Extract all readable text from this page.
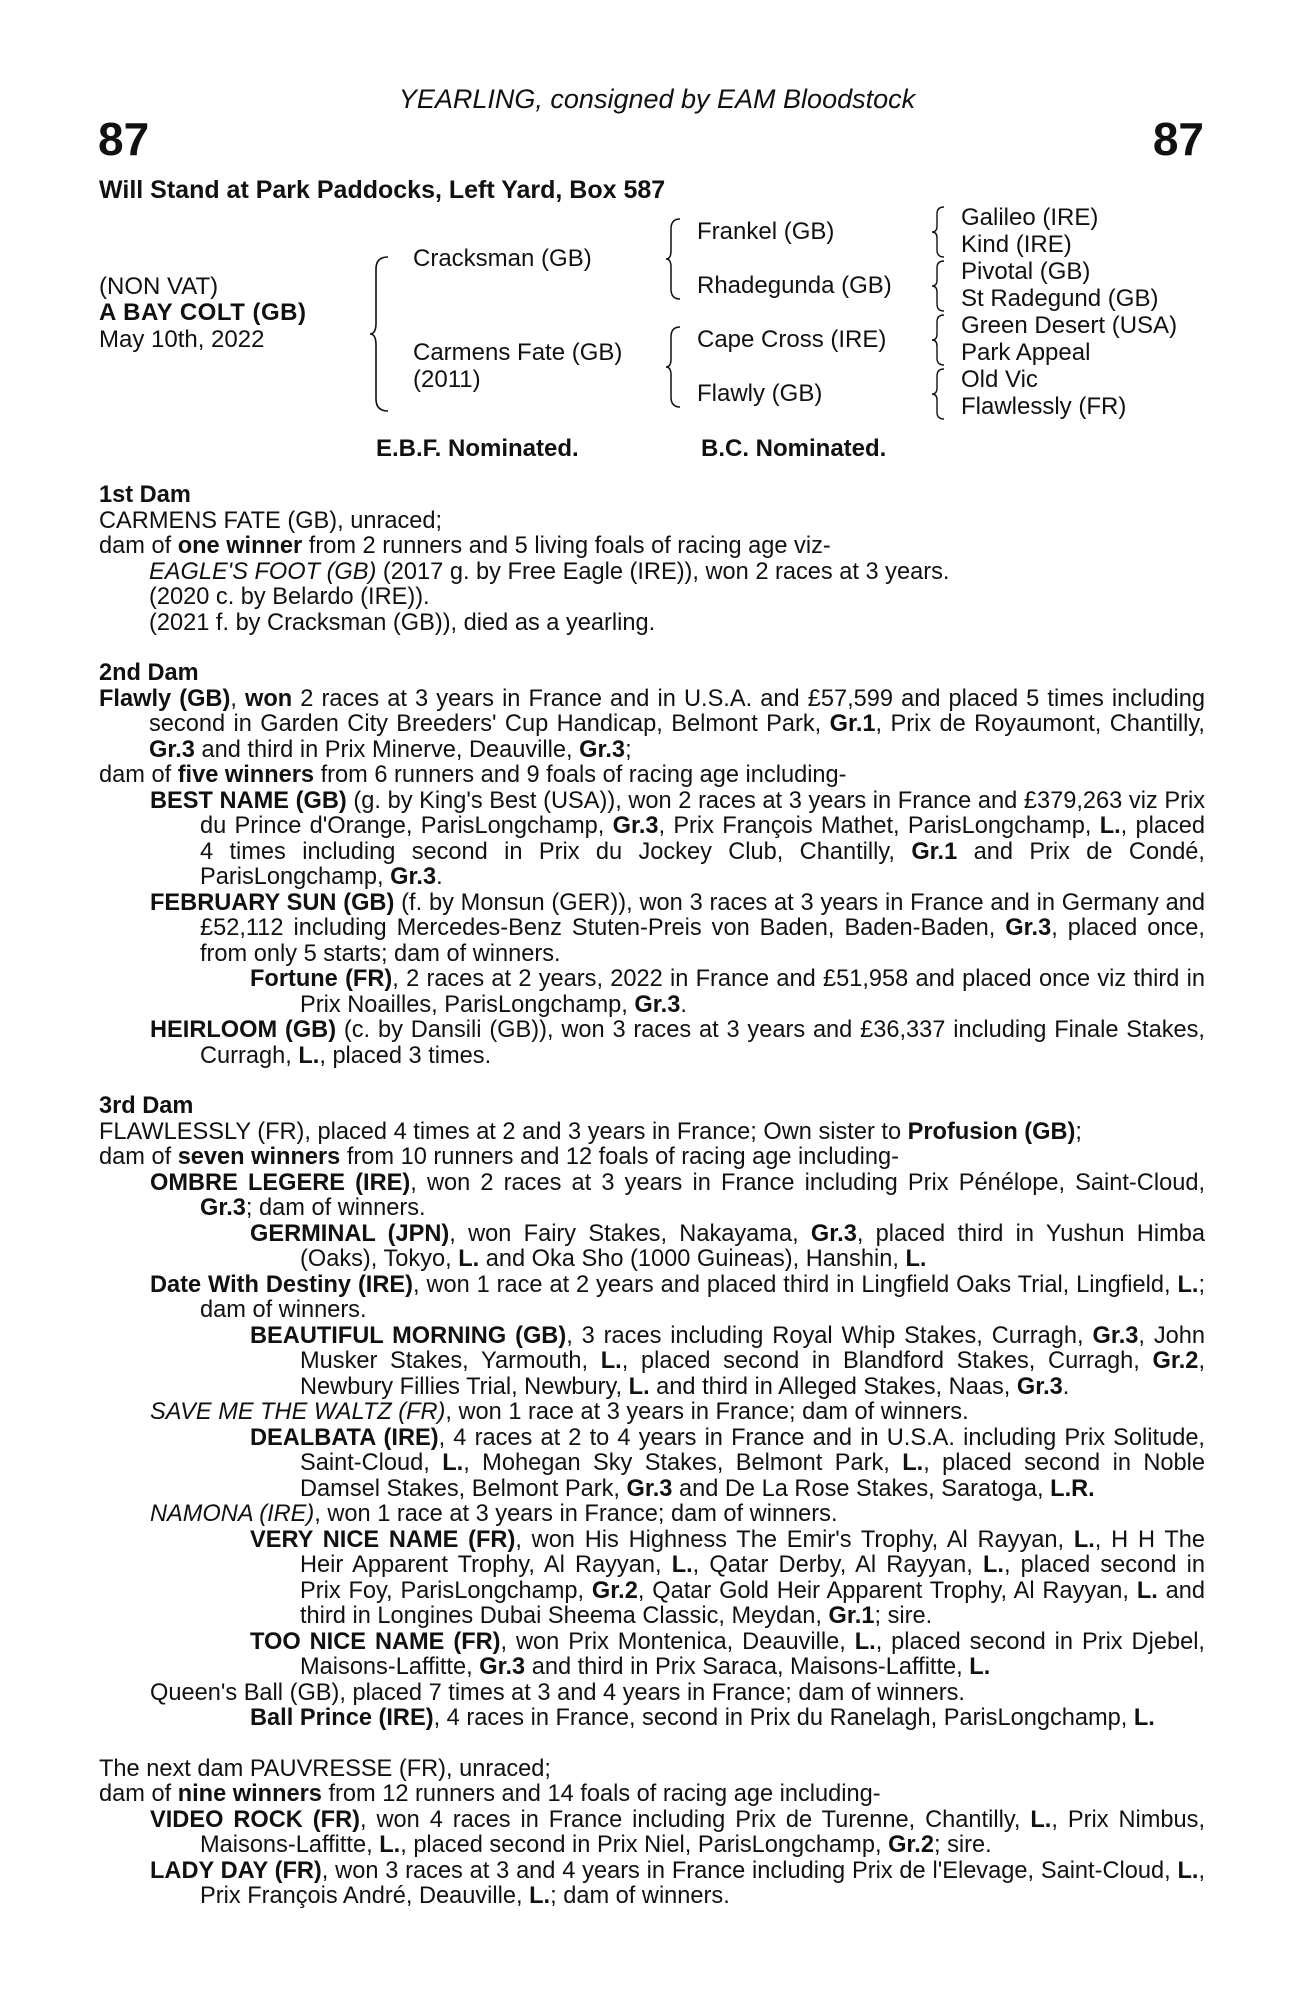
YEARLING, consigned by EAM Bloodstock
87	87
Will Stand at Park Paddocks, Left Yard, Box 587
(NON VAT)
A BAY COLT (GB)
May 10th, 2022
Cracksman (GB)
Carmens Fate (GB)
(2011)
Frankel (GB)
Rhadegunda (GB)
Cape Cross (IRE)
Flawly (GB)
Galileo (IRE)
Kind (IRE)
Pivotal (GB)
St Radegund (GB)
Green Desert (USA)
Park Appeal
Old Vic
Flawlessly (FR)
E.B.F. Nominated.	B.C. Nominated.

1st Dam

CARMENS FATE (GB), unraced;

dam of one winner from 2 runners and 5 living foals of racing age viz-

EAGLE'S FOOT (GB) (2017 g. by Free Eagle (IRE)), won 2 races at 3 years.

(2020 c. by Belardo (IRE)).

(2021 f. by Cracksman (GB)), died as a yearling.

2nd Dam

Flawly (GB), won 2 races at 3 years in France and in U.S.A. and £57,599 and placed 5 times including second in Garden City Breeders' Cup Handicap, Belmont Park, Gr.1, Prix de Royaumont, Chantilly, Gr.3 and third in Prix Minerve, Deauville, Gr.3;

dam of five winners from 6 runners and 9 foals of racing age including-

BEST NAME (GB) (g. by King's Best (USA)), won 2 races at 3 years in France and £379,263 viz Prix du Prince d'Orange, ParisLongchamp, Gr.3, Prix François Mathet, ParisLongchamp, L., placed 4 times including second in Prix du Jockey Club, Chantilly, Gr.1 and Prix de Condé, ParisLongchamp, Gr.3.

FEBRUARY SUN (GB) (f. by Monsun (GER)), won 3 races at 3 years in France and in Germany and £52,112 including Mercedes-Benz Stuten-Preis von Baden, Baden-Baden, Gr.3, placed once, from only 5 starts; dam of winners.

Fortune (FR), 2 races at 2 years, 2022 in France and £51,958 and placed once viz third in Prix Noailles, ParisLongchamp, Gr.3.

HEIRLOOM (GB) (c. by Dansili (GB)), won 3 races at 3 years and £36,337 including Finale Stakes, Curragh, L., placed 3 times.

3rd Dam

FLAWLESSLY (FR), placed 4 times at 2 and 3 years in France; Own sister to Profusion (GB);

dam of seven winners from 10 runners and 12 foals of racing age including-

OMBRE LEGERE (IRE), won 2 races at 3 years in France including Prix Pénélope, Saint-Cloud, Gr.3; dam of winners.

GERMINAL (JPN), won Fairy Stakes, Nakayama, Gr.3, placed third in Yushun Himba (Oaks), Tokyo, L. and Oka Sho (1000 Guineas), Hanshin, L.

Date With Destiny (IRE), won 1 race at 2 years and placed third in Lingfield Oaks Trial, Lingfield, L.; dam of winners.

BEAUTIFUL MORNING (GB), 3 races including Royal Whip Stakes, Curragh, Gr.3, John Musker Stakes, Yarmouth, L., placed second in Blandford Stakes, Curragh, Gr.2, Newbury Fillies Trial, Newbury, L. and third in Alleged Stakes, Naas, Gr.3.

SAVE ME THE WALTZ (FR), won 1 race at 3 years in France; dam of winners.

DEALBATA (IRE), 4 races at 2 to 4 years in France and in U.S.A. including Prix Solitude, Saint-Cloud, L., Mohegan Sky Stakes, Belmont Park, L., placed second in Noble Damsel Stakes, Belmont Park, Gr.3 and De La Rose Stakes, Saratoga, L.R.

NAMONA (IRE), won 1 race at 3 years in France; dam of winners.

VERY NICE NAME (FR), won His Highness The Emir's Trophy, Al Rayyan, L., H H The Heir Apparent Trophy, Al Rayyan, L., Qatar Derby, Al Rayyan, L., placed second in Prix Foy, ParisLongchamp, Gr.2, Qatar Gold Heir Apparent Trophy, Al Rayyan, L. and third in Longines Dubai Sheema Classic, Meydan, Gr.1; sire.

TOO NICE NAME (FR), won Prix Montenica, Deauville, L., placed second in Prix Djebel, Maisons-Laffitte, Gr.3 and third in Prix Saraca, Maisons-Laffitte, L.

Queen's Ball (GB), placed 7 times at 3 and 4 years in France; dam of winners.

Ball Prince (IRE), 4 races in France, second in Prix du Ranelagh, ParisLongchamp, L.

The next dam PAUVRESSE (FR), unraced;

dam of nine winners from 12 runners and 14 foals of racing age including-

VIDEO ROCK (FR), won 4 races in France including Prix de Turenne, Chantilly, L., Prix Nimbus, Maisons-Laffitte, L., placed second in Prix Niel, ParisLongchamp, Gr.2; sire.

LADY DAY (FR), won 3 races at 3 and 4 years in France including Prix de l'Elevage, Saint-Cloud, L., Prix François André, Deauville, L.; dam of winners.
